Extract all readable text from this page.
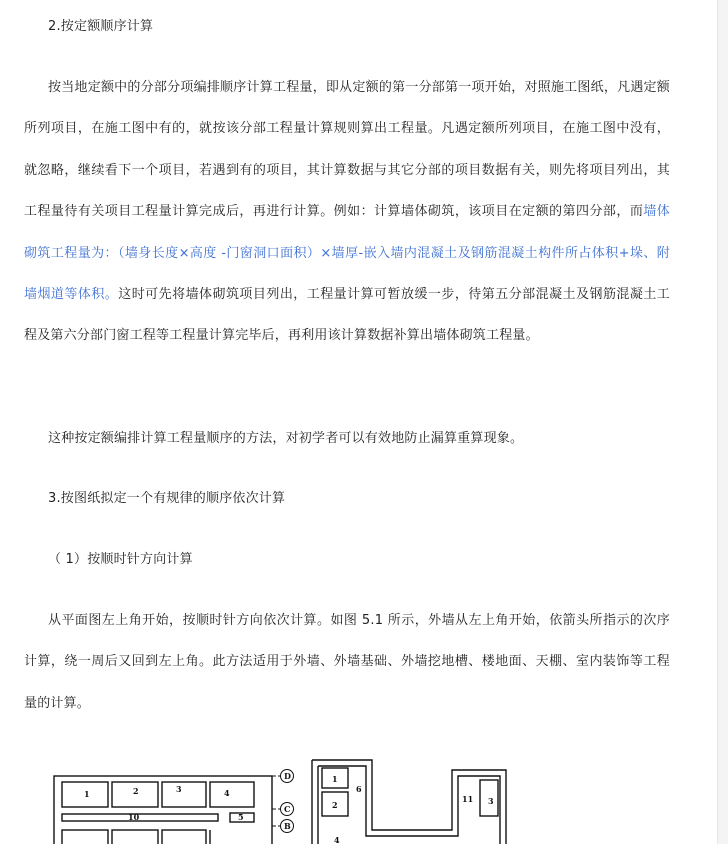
2.按定额顺序计算

按当地定额中的分部分项编排顺序计算工程量，即从定额的第一分部第一项开始，对照施工图纸，凡遇定额所列项目，在施工图中有的，就按该分部工程量计算规则算出工程量。凡遇定额所列项目，在施工图中没有，就忽略，继续看下一个项目，若遇到有的项目，其计算数据与其它分部的项目数据有关，则先将项目列出，其工程量待有关项目工程量计算完成后，再进行计算。例如：计算墙体砌筑，该项目在定额的第四分部，而墙体砌筑工程量为：（墙身长度×高度 -门窗洞口面积）×墙厚-嵌入墙内混凝土及钢筋混凝土构件所占体积+垛、附墙烟道等体积。这时可先将墙体砌筑项目列出，工程量计算可暂放缓一步，待第五分部混凝土及钢筋混凝土工程及第六分部门窗工程等工程量计算完毕后，再利用该计算数据补算出墙体砌筑工程量。

这种按定额编排计算工程量顺序的方法，对初学者可以有效地防止漏算重算现象。

3.按图纸拟定一个有规律的顺序依次计算

（ 1）按顺时针方向计算

从平面图左上角开始，按顺时针方向依次计算。如图 5.1 所示，外墙从左上角开始，依箭头所指示的次序计算，绕一周后又回到左上角。此方法适用于外墙、外墙基础、外墙挖地槽、楼地面、天棚、室内装饰等工程量的计算。

1	2	3	4
10	5
D
C
B
1
2
6
4
11 3
